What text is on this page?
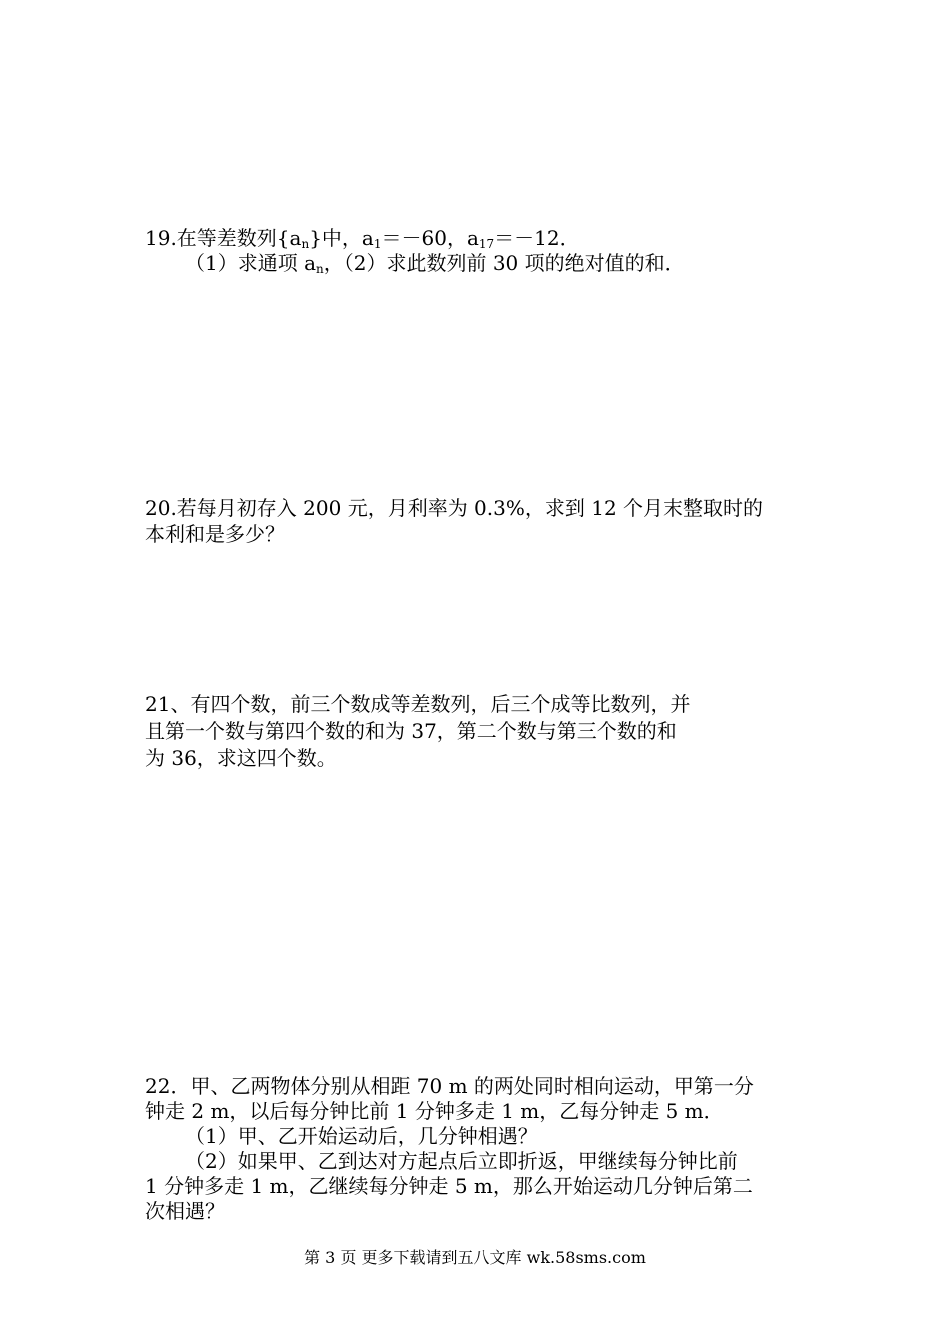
19.在等差数列$\{a_n\}$中，$a_1=-60$，$a_{17}=-12$．
（1）求通项 $a_n$，（2）求此数列前 30 项的绝对值的和．
20.若每月初存入 200 元，月利率为 0.3%，求到 12 个月末整取时的
本利和是多少？
21、有四个数，前三个数成等差数列，后三个成等比数列，并
且第一个数与第四个数的和为 37，第二个数与第三个数的和
为 36，求这四个数。
22．甲、乙两物体分别从相距 70 m 的两处同时相向运动，甲第一分
钟走 2 m，以后每分钟比前 1 分钟多走 1 m，乙每分钟走 5 m．
（1）甲、乙开始运动后，几分钟相遇？
（2）如果甲、乙到达对方起点后立即折返，甲继续每分钟比前
1 分钟多走 1 m，乙继续每分钟走 5 m，那么开始运动几分钟后第二
次相遇？
第 3 页 更多下载请到五八文库 wk.58sms.com
